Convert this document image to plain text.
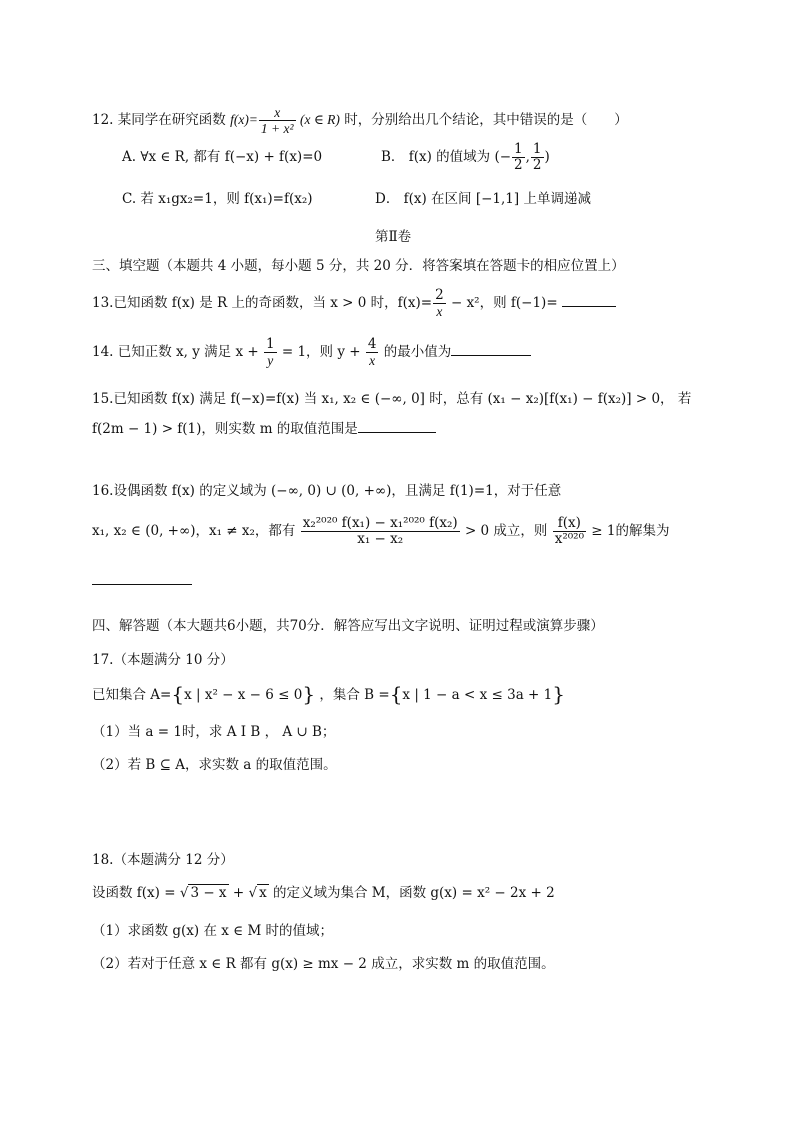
12. 某同学在研究函数 $f(x)= \frac{x}{\text{1 + x²}} (x$ ∈ R) 时，分别给出几个结论，其中错误的是（　　）
A. ∀x ∈ R, 都有 f(−x) + f(x)=0	B． f(x) 的值域为 (− $\frac{1}{2}$ , $\frac{1}{2}$ )
C. 若 x₁gx₂=1，则 f(x₁)=f(x₂)	D． f(x) 在区间 [−1,1] 上单调递减
第Ⅱ卷
三、填空题（本题共 4 小题，每小题 5 分，共 20 分．将答案填在答题卡的相应位置上）
13.已知函数 f(x) 是 R 上的奇函数，当 x > 0 时，$f(x)= \frac{2}{x} - x^2$，则 f(−1)=
14. 已知正数 x, y 满足 $x + \frac{1}{y} = 1$，则 $y + \frac{4}{x}$ 的最小值为
15.已知函数 f(x) 满足 f(−x)=f(x) 当 x₁, x₂ ∈ (−∞, 0] 时，总有 (x₁ − x₂)[f(x₁) − f(x₂)] > 0， 若
f(2m − 1) > f(1)，则实数 m 的取值范围是
16.设偶函数 f(x) 的定义域为 (−∞, 0) ∪ (0, +∞)，且满足 f(1)=1，对于任意
x₁, x₂ ∈ (0, +∞)，x₁ ≠ x₂，都有 $\frac{\text{x₂²⁰²⁰ f(x₁) − x₁²⁰²⁰ f(x₂)}}{\text{x₁ − x₂}} > 0$ 成立，则 $\frac{f(x)}{\text{x²⁰²⁰}} \ge 1$的解集为

四、解答题（本大题共6小题，共70分．解答应写出文字说明、证明过程或演算步骤）
17.（本题满分 10 分）
已知集合 A={x | x² − x − 6 ≤ 0} ，集合 B ={x | 1 − a < x ≤ 3a + 1}
（1）当 a = 1时，求 A I B ， A ∪ B；
（2）若 B ⊆ A，求实数 a 的取值范围。
18.（本题满分 12 分）
设函数 f(x) = √ 3 − x + √ x 的定义域为集合 M，函数 g(x) = x² − 2x + 2
（1）求函数 g(x) 在 x ∈ M 时的值域；
（2）若对于任意 x ∈ R 都有 g(x) ≥ mx − 2 成立，求实数 m 的取值范围。
